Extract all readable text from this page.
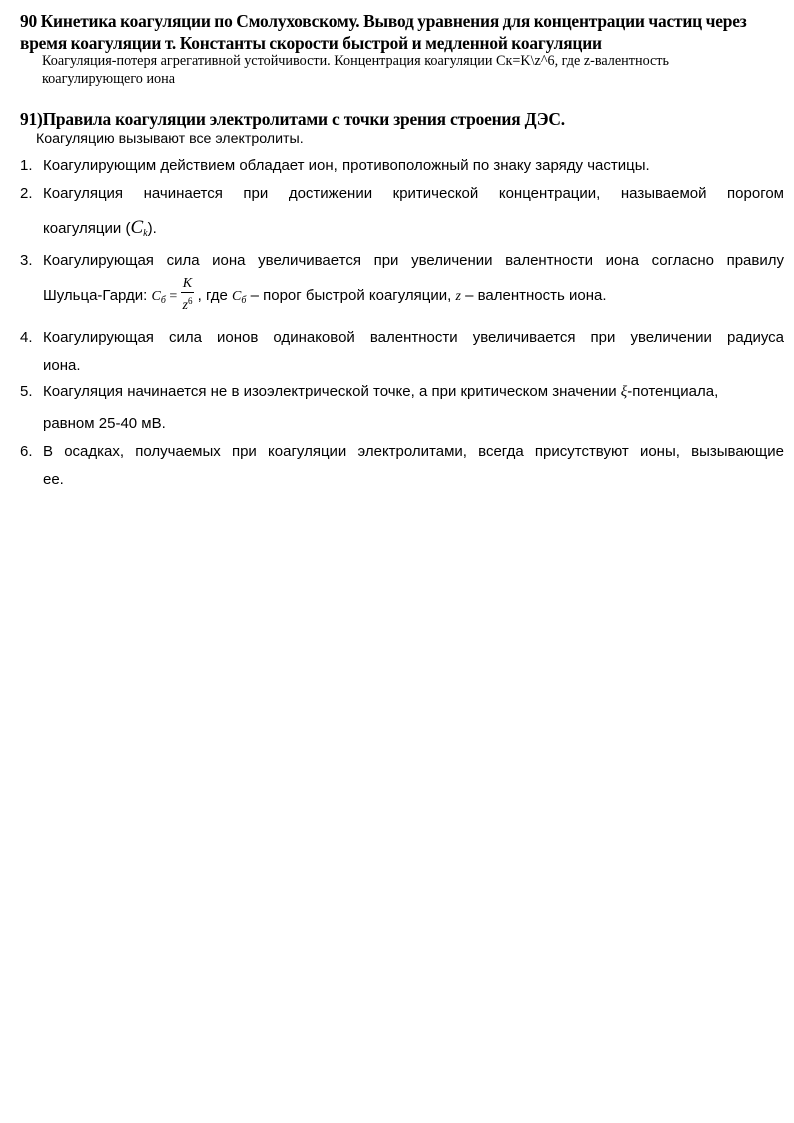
90 Кинетика коагуляции по Смолуховскому. Вывод уравнения для концентрации частиц через
время коагуляции т. Константы скорости быстрой и медленной коагуляции
Коагуляция-потеря агрегативной устойчивости. Концентрация коагуляции Ск=K\z^6, где z-валентность
коагулирующего иона
91)Правила коагуляции электролитами с точки зрения строения ДЭС.
Коагуляцию вызывают все электролиты.
1. Коагулирующим действием обладает ион, противоположный по знаку заряду частицы.
2. Коагуляция начинается при достижении критической концентрации, называемой порогом
коагуляции $(C_k)$.
3. Коагулирующая сила иона увеличивается при увеличении валентности иона согласно правилу
Шульца-Гарди: $C_б = \frac{K}{z^6}$ , где $C_б$ – порог быстрой коагуляции, z – валентность иона.
4. Коагулирующая сила ионов одинаковой валентности увеличивается при увеличении радиуса
иона.
5. Коагуляция начинается не в изоэлектрической точке, а при критическом значении ξ-потенциала,
равном 25-40 мВ.
6. В осадках, получаемых при коагуляции электролитами, всегда присутствуют ионы, вызывающие
ее.
